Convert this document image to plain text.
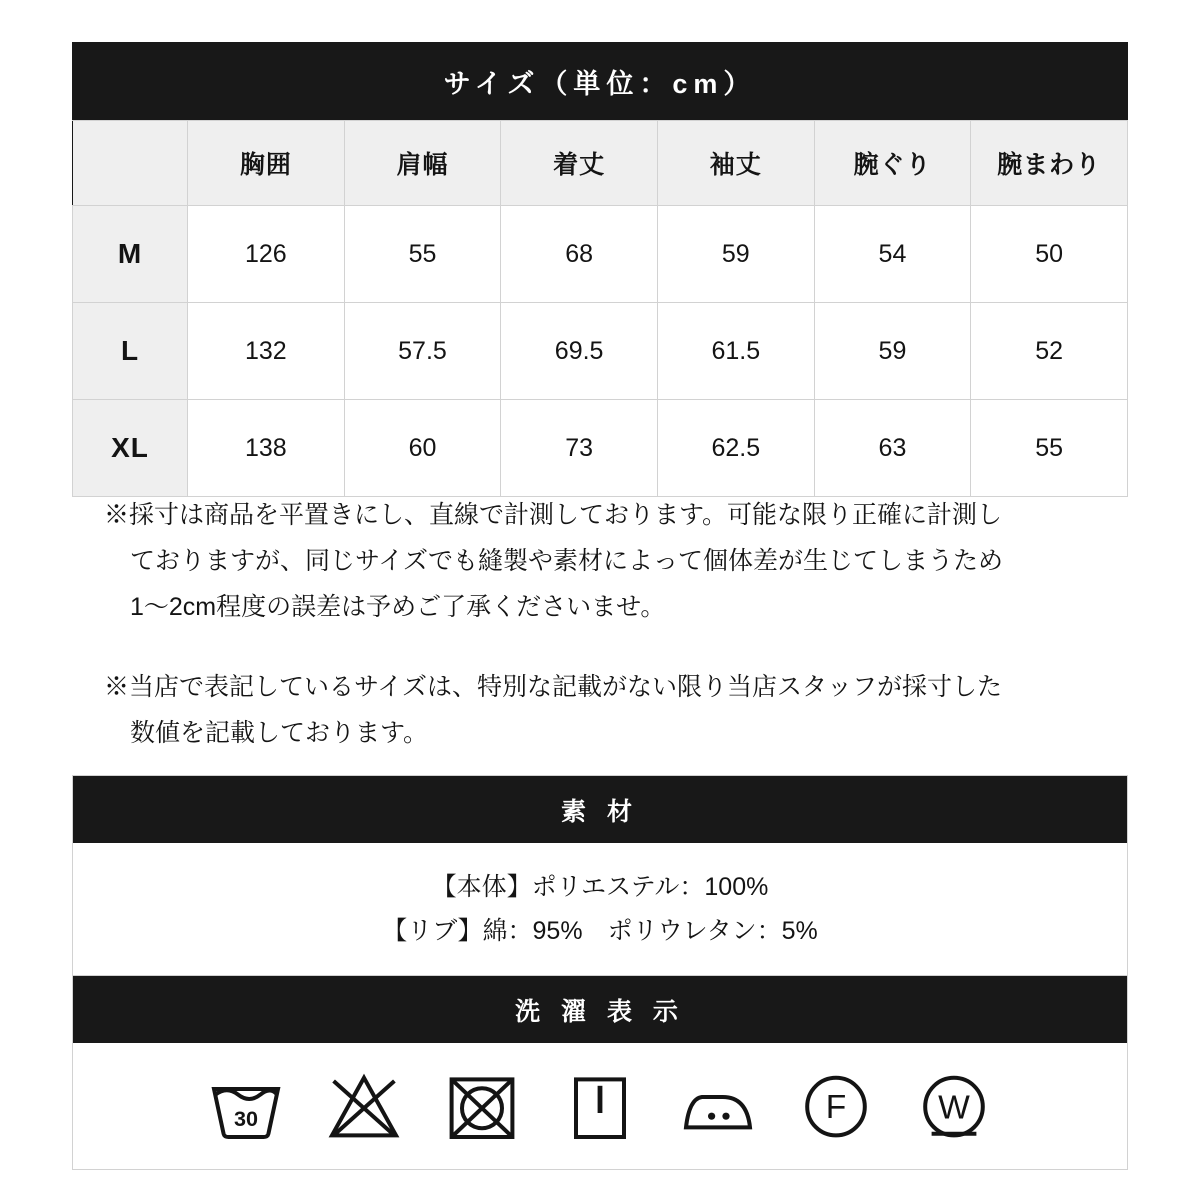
サイズ（単位：cm）
	胸囲	肩幅	着丈	袖丈	腕ぐり	腕まわり
M	126	55	68	59	54	50
L	132	57.5	69.5	61.5	59	52
XL	138	60	73	62.5	63	55

※採寸は商品を平置きにし、直線で計測しております。可能な限り正確に計測し
ておりますが、同じサイズでも縫製や素材によって個体差が生じてしまうため
1〜2cm程度の誤差は予めご了承くださいませ。

※当店で表記しているサイズは、特別な記載がない限り当店スタッフが採寸した
数値を記載しております。

素 材
【本体】ポリエステル：100%
【リブ】綿：95%　ポリウレタン：5%
洗 濯 表 示
30	F W
